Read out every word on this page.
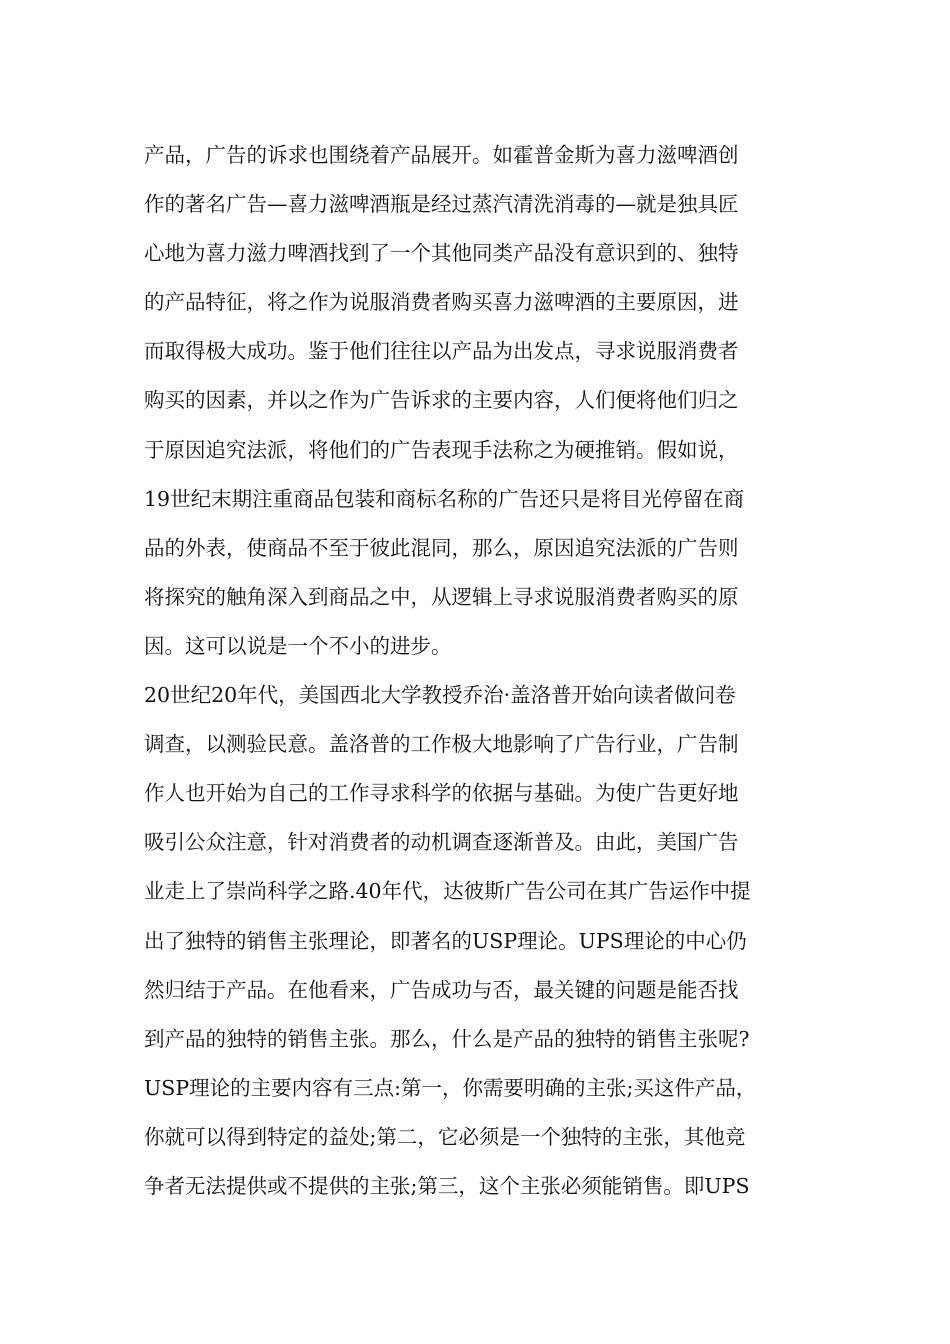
产品，广告的诉求也围绕着产品展开。如霍普金斯为喜力滋啤酒创
作的著名广告—喜力滋啤酒瓶是经过蒸汽清洗消毒的—就是独具匠
心地为喜力滋力啤酒找到了一个其他同类产品没有意识到的、独特
的产品特征，将之作为说服消费者购买喜力滋啤酒的主要原因，进
而取得极大成功。鉴于他们往往以产品为出发点，寻求说服消费者
购买的因素，并以之作为广告诉求的主要内容，人们便将他们归之
于原因追究法派，将他们的广告表现手法称之为硬推销。假如说，
19世纪末期注重商品包装和商标名称的广告还只是将目光停留在商
品的外表，使商品不至于彼此混同，那么，原因追究法派的广告则
将探究的触角深入到商品之中，从逻辑上寻求说服消费者购买的原
因。这可以说是一个不小的进步。
20世纪20年代，美国西北大学教授乔治·盖洛普开始向读者做问卷
调查，以测验民意。盖洛普的工作极大地影响了广告行业，广告制
作人也开始为自己的工作寻求科学的依据与基础。为使广告更好地
吸引公众注意，针对消费者的动机调查逐渐普及。由此，美国广告
业走上了崇尚科学之路.40年代，达彼斯广告公司在其广告运作中提
出了独特的销售主张理论，即著名的USP理论。UPS理论的中心仍
然归结于产品。在他看来，广告成功与否，最关键的问题是能否找
到产品的独特的销售主张。那么，什么是产品的独特的销售主张呢?
USP理论的主要内容有三点:第一，你需要明确的主张;买这件产品，
你就可以得到特定的益处;第二，它必须是一个独特的主张，其他竞
争者无法提供或不提供的主张;第三，这个主张必须能销售。即UPS
